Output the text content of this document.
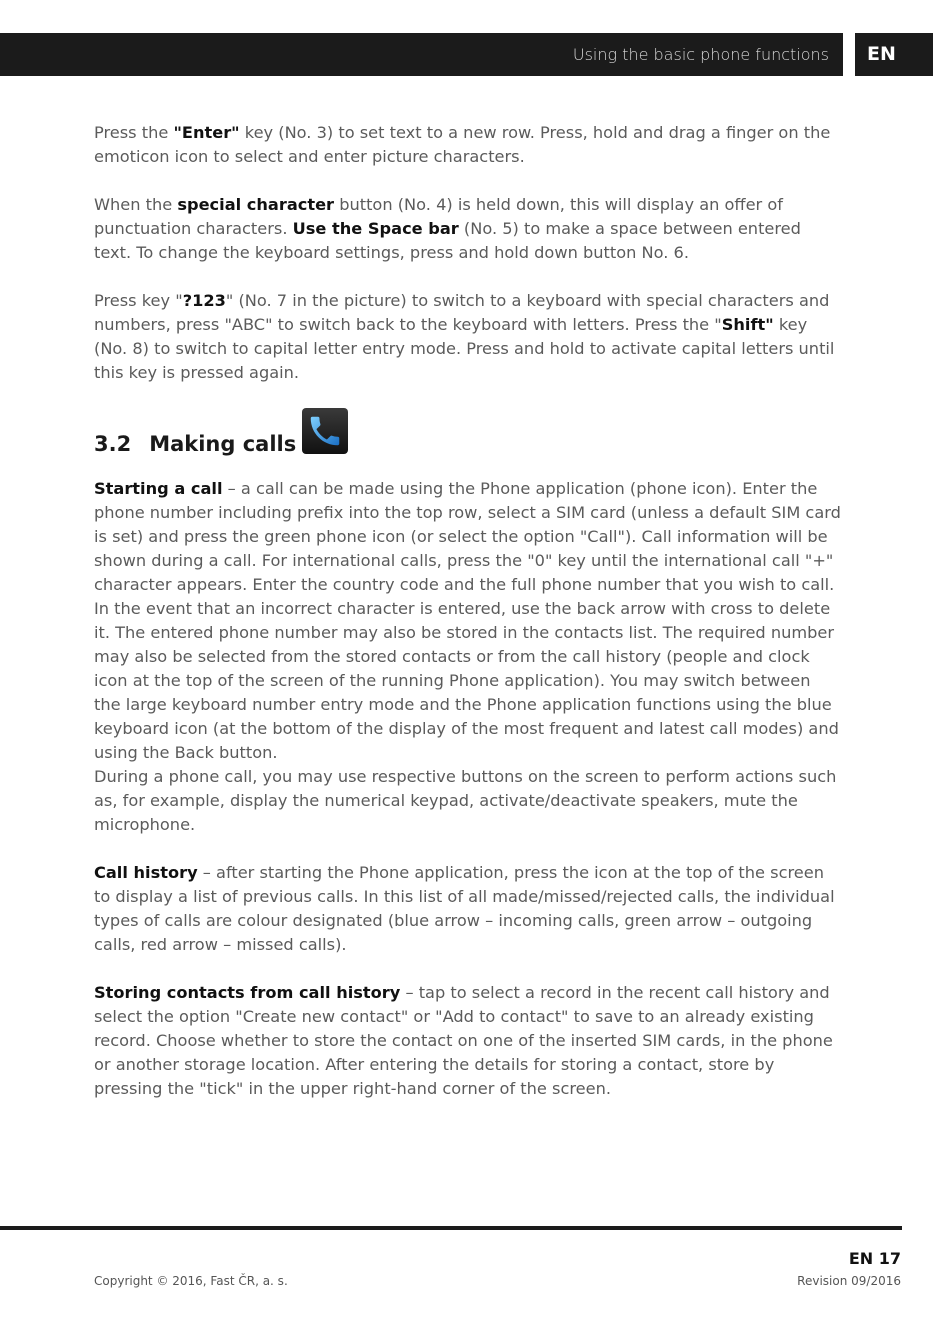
Using the basic phone functions	EN

Press the "Enter" key (No. 3) to set text to a new row. Press, hold and drag a finger on the emoticon icon to select and enter picture characters.

When the special character button (No. 4) is held down, this will display an offer of punctuation characters. Use the Space bar (No. 5) to make a space between entered text. To change the keyboard settings, press and hold down button No. 6.

Press key "?123" (No. 7 in the picture) to switch to a keyboard with special characters and numbers, press "ABC" to switch back to the keyboard with letters. Press the "Shift" key (No. 8) to switch to capital letter entry mode. Press and hold to activate capital letters until this key is pressed again.

3.2 Making calls

Starting a call – a call can be made using the Phone application (phone icon). Enter the phone number including prefix into the top row, select a SIM card (unless a default SIM card is set) and press the green phone icon (or select the option "Call"). Call information will be shown during a call. For international calls, press the "0" key until the international call "+" character appears. Enter the country code and the full phone number that you wish to call.

In the event that an incorrect character is entered, use the back arrow with cross to delete it. The entered phone number may also be stored in the contacts list. The required number may also be selected from the stored contacts or from the call history (people and clock icon at the top of the screen of the running Phone application). You may switch between the large keyboard number entry mode and the Phone application functions using the blue keyboard icon (at the bottom of the display of the most frequent and latest call modes) and using the Back button.

During a phone call, you may use respective buttons on the screen to perform actions such as, for example, display the numerical keypad, activate/deactivate speakers, mute the microphone.

Call history – after starting the Phone application, press the icon at the top of the screen to display a list of previous calls. In this list of all made/missed/rejected calls, the individual types of calls are colour designated (blue arrow – incoming calls, green arrow – outgoing calls, red arrow – missed calls).

Storing contacts from call history – tap to select a record in the recent call history and select the option "Create new contact" or "Add to contact" to save to an already existing record. Choose whether to store the contact on one of the inserted SIM cards, in the phone or another storage location. After entering the details for storing a contact, store by pressing the "tick" in the upper right-hand corner of the screen.

EN 17
Copyright © 2016, Fast ČR, a. s.	Revision 09/2016
